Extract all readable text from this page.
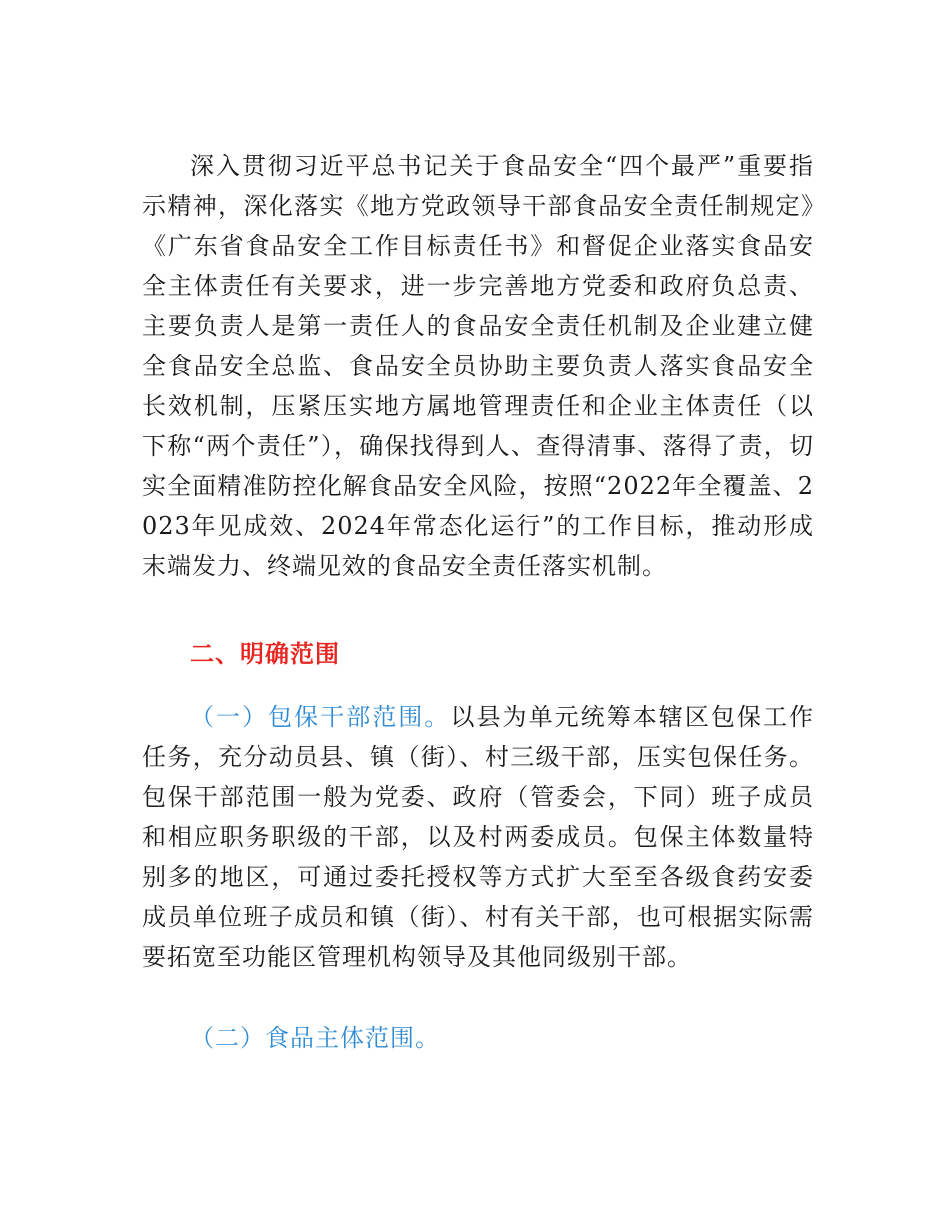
深入贯彻习近平总书记关于食品安全“四个最严”重要指示精神，深化落实《地方党政领导干部食品安全责任制规定》《广东省食品安全工作目标责任书》和督促企业落实食品安全主体责任有关要求，进一步完善地方党委和政府负总责、主要负责人是第一责任人的食品安全责任机制及企业建立健全食品安全总监、食品安全员协助主要负责人落实食品安全长效机制，压紧压实地方属地管理责任和企业主体责任（以下称“两个责任”），确保找得到人、查得清事、落得了责，切实全面精准防控化解食品安全风险，按照“2022年全覆盖、2023年见成效、2024年常态化运行”的工作目标，推动形成末端发力、终端见效的食品安全责任落实机制。

二、明确范围

（一）包保干部范围。以县为单元统筹本辖区包保工作任务，充分动员县、镇（街）、村三级干部，压实包保任务。包保干部范围一般为党委、政府（管委会，下同）班子成员和相应职务职级的干部，以及村两委成员。包保主体数量特别多的地区，可通过委托授权等方式扩大至至各级食药安委成员单位班子成员和镇（街）、村有关干部，也可根据实际需要拓宽至功能区管理机构领导及其他同级别干部。

（二）食品主体范围。
